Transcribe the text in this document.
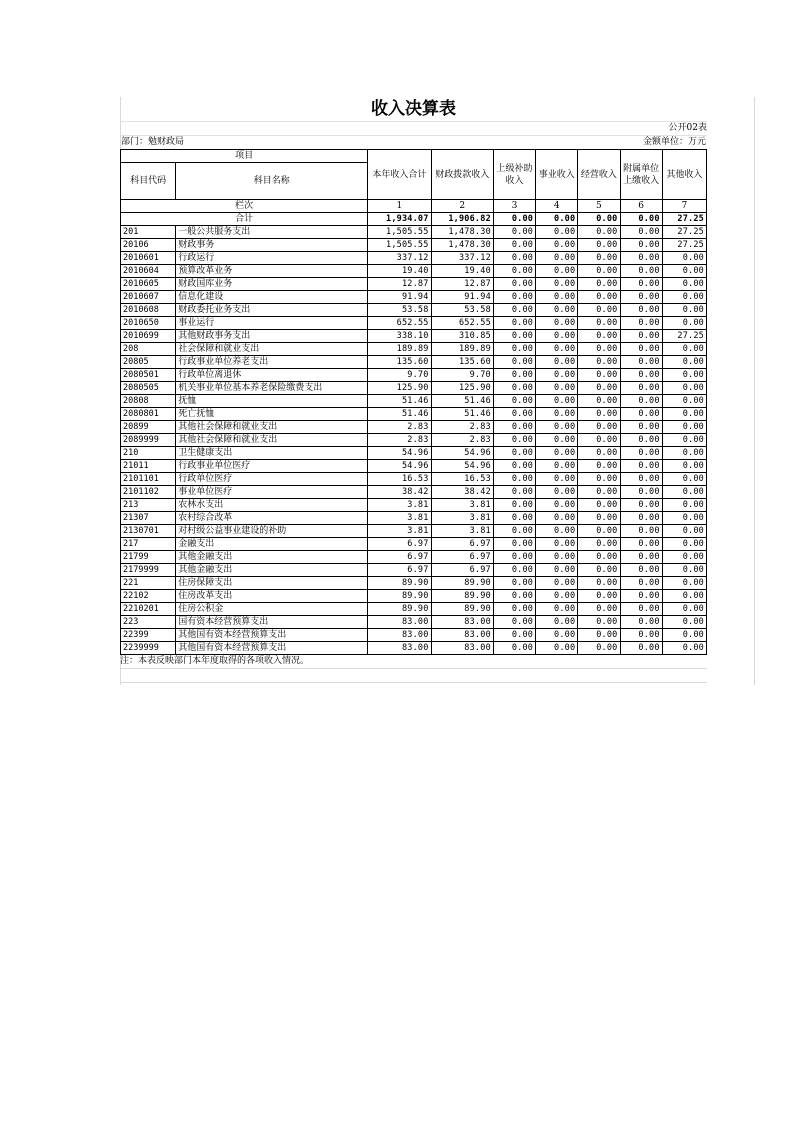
收入决算表
公开02表
部门：勉财政局	金额单位：万元
项目		本年收入合计	财政拨款收入	上级补助收入	事业收入	经营收入	附属单位上缴收入	其他收入
科目代码	科目名称							
栏次		1	2	3	4	5	6	7
合计		1,934.07	1,906.82	0.00	0.00	0.00	0.00	27.25
201	一般公共服务支出	1,505.55	1,478.30	0.00	0.00	0.00	0.00	27.25
20106	财政事务	1,505.55	1,478.30	0.00	0.00	0.00	0.00	27.25
2010601	行政运行	337.12	337.12	0.00	0.00	0.00	0.00	0.00
2010604	预算改革业务	19.40	19.40	0.00	0.00	0.00	0.00	0.00
2010605	财政国库业务	12.87	12.87	0.00	0.00	0.00	0.00	0.00
2010607	信息化建设	91.94	91.94	0.00	0.00	0.00	0.00	0.00
2010608	财政委托业务支出	53.58	53.58	0.00	0.00	0.00	0.00	0.00
2010650	事业运行	652.55	652.55	0.00	0.00	0.00	0.00	0.00
2010699	其他财政事务支出	338.10	310.85	0.00	0.00	0.00	0.00	27.25
208	社会保障和就业支出	189.89	189.89	0.00	0.00	0.00	0.00	0.00
20805	行政事业单位养老支出	135.60	135.60	0.00	0.00	0.00	0.00	0.00
2080501	行政单位离退休	9.70	9.70	0.00	0.00	0.00	0.00	0.00
2080505	机关事业单位基本养老保险缴费支出	125.90	125.90	0.00	0.00	0.00	0.00	0.00
20808	抚恤	51.46	51.46	0.00	0.00	0.00	0.00	0.00
2080801	死亡抚恤	51.46	51.46	0.00	0.00	0.00	0.00	0.00
20899	其他社会保障和就业支出	2.83	2.83	0.00	0.00	0.00	0.00	0.00
2089999	其他社会保障和就业支出	2.83	2.83	0.00	0.00	0.00	0.00	0.00
210	卫生健康支出	54.96	54.96	0.00	0.00	0.00	0.00	0.00
21011	行政事业单位医疗	54.96	54.96	0.00	0.00	0.00	0.00	0.00
2101101	行政单位医疗	16.53	16.53	0.00	0.00	0.00	0.00	0.00
2101102	事业单位医疗	38.42	38.42	0.00	0.00	0.00	0.00	0.00
213	农林水支出	3.81	3.81	0.00	0.00	0.00	0.00	0.00
21307	农村综合改革	3.81	3.81	0.00	0.00	0.00	0.00	0.00
2130701	对村级公益事业建设的补助	3.81	3.81	0.00	0.00	0.00	0.00	0.00
217	金融支出	6.97	6.97	0.00	0.00	0.00	0.00	0.00
21799	其他金融支出	6.97	6.97	0.00	0.00	0.00	0.00	0.00
2179999	其他金融支出	6.97	6.97	0.00	0.00	0.00	0.00	0.00
221	住房保障支出	89.90	89.90	0.00	0.00	0.00	0.00	0.00
22102	住房改革支出	89.90	89.90	0.00	0.00	0.00	0.00	0.00
2210201	住房公积金	89.90	89.90	0.00	0.00	0.00	0.00	0.00
223	国有资本经营预算支出	83.00	83.00	0.00	0.00	0.00	0.00	0.00
22399	其他国有资本经营预算支出	83.00	83.00	0.00	0.00	0.00	0.00	0.00
2239999	其他国有资本经营预算支出	83.00	83.00	0.00	0.00	0.00	0.00	0.00
注：本表反映部门本年度取得的各项收入情况。
